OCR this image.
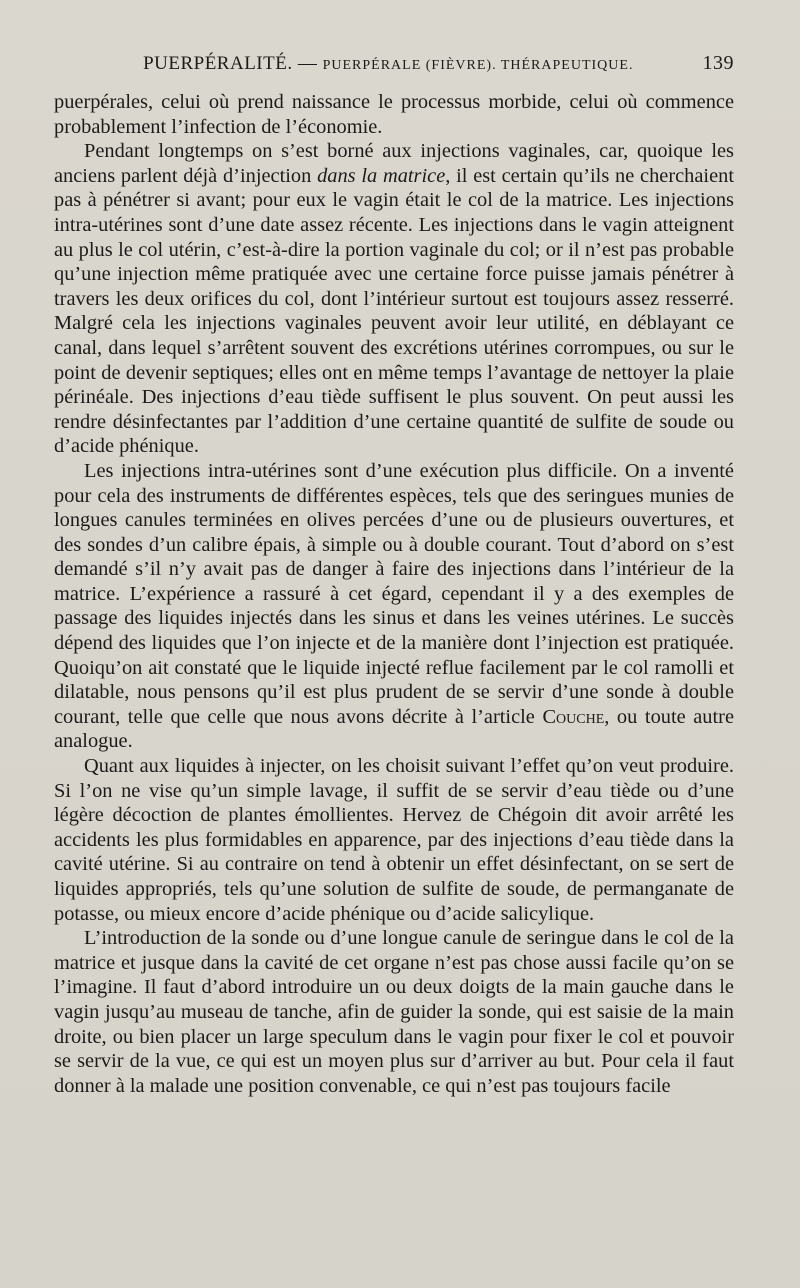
PUERPÉRALITÉ. — PUERPÉRALE (FIÈVRE). THÉRAPEUTIQUE.	139

puerpérales, celui où prend naissance le processus morbide, celui où commence probablement l’infection de l’économie.

Pendant longtemps on s’est borné aux injections vaginales, car, quoique les anciens parlent déjà d’injection dans la matrice, il est certain qu’ils ne cherchaient pas à pénétrer si avant; pour eux le vagin était le col de la matrice. Les injections intra-utérines sont d’une date assez récente. Les injections dans le vagin atteignent au plus le col utérin, c’est-à-dire la portion vaginale du col; or il n’est pas probable qu’une injection même pratiquée avec une certaine force puisse jamais pénétrer à travers les deux orifices du col, dont l’intérieur surtout est toujours assez resserré. Malgré cela les injections vaginales peuvent avoir leur utilité, en déblayant ce canal, dans lequel s’arrêtent souvent des excrétions utérines corrompues, ou sur le point de devenir septiques; elles ont en même temps l’avantage de nettoyer la plaie périnéale. Des injections d’eau tiède suffisent le plus souvent. On peut aussi les rendre désinfectantes par l’addition d’une certaine quantité de sulfite de soude ou d’acide phénique.

Les injections intra-utérines sont d’une exécution plus difficile. On a inventé pour cela des instruments de différentes espèces, tels que des seringues munies de longues canules terminées en olives percées d’une ou de plusieurs ouvertures, et des sondes d’un calibre épais, à simple ou à double courant. Tout d’abord on s’est demandé s’il n’y avait pas de danger à faire des injections dans l’intérieur de la matrice. L’expérience a rassuré à cet égard, cependant il y a des exemples de passage des liquides injectés dans les sinus et dans les veines utérines. Le succès dépend des liquides que l’on injecte et de la manière dont l’injection est pratiquée. Quoiqu’on ait constaté que le liquide injecté reflue facilement par le col ramolli et dilatable, nous pensons qu’il est plus prudent de se servir d’une sonde à double courant, telle que celle que nous avons décrite à l’article Couche, ou toute autre analogue.

Quant aux liquides à injecter, on les choisit suivant l’effet qu’on veut produire. Si l’on ne vise qu’un simple lavage, il suffit de se servir d’eau tiède ou d’une légère décoction de plantes émollientes. Hervez de Chégoin dit avoir arrêté les accidents les plus formidables en apparence, par des injections d’eau tiède dans la cavité utérine. Si au contraire on tend à obtenir un effet désinfectant, on se sert de liquides appropriés, tels qu’une solution de sulfite de soude, de permanganate de potasse, ou mieux encore d’acide phénique ou d’acide salicylique.

L’introduction de la sonde ou d’une longue canule de seringue dans le col de la matrice et jusque dans la cavité de cet organe n’est pas chose aussi facile qu’on se l’imagine. Il faut d’abord introduire un ou deux doigts de la main gauche dans le vagin jusqu’au museau de tanche, afin de guider la sonde, qui est saisie de la main droite, ou bien placer un large speculum dans le vagin pour fixer le col et pouvoir se servir de la vue, ce qui est un moyen plus sur d’arriver au but. Pour cela il faut donner à la malade une position convenable, ce qui n’est pas toujours facile
